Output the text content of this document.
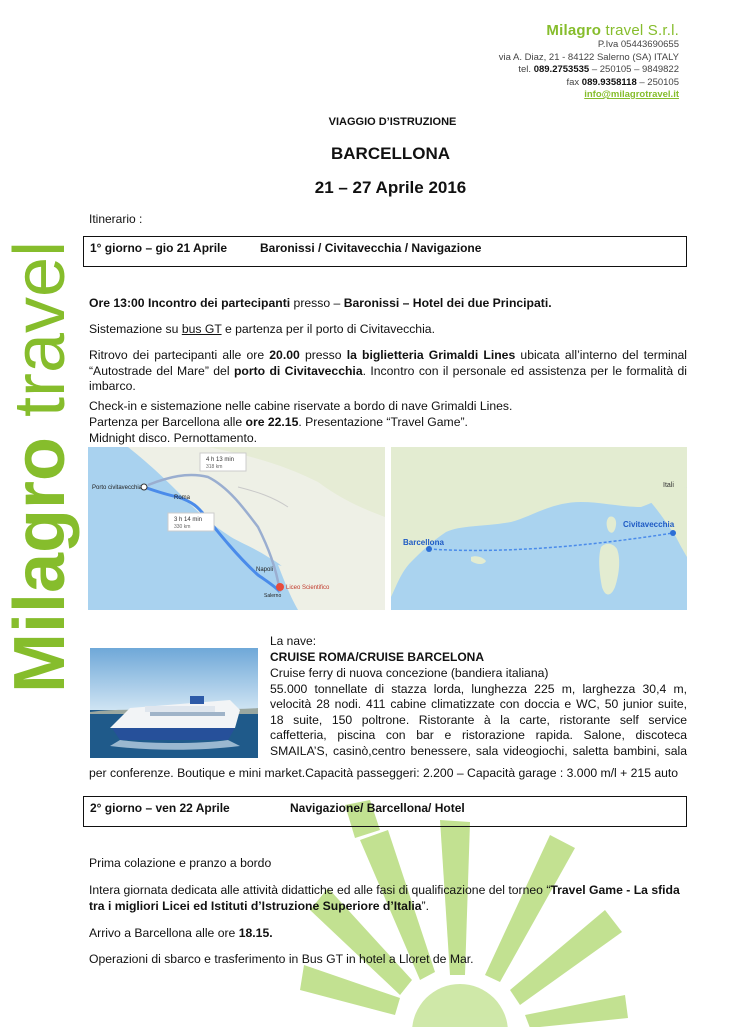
Milagro travel
Milagro travel S.r.l.
P.Iva 05443690655
via A. Diaz, 21 - 84122 Salerno (SA) ITALY
tel. 089.2753535 – 250105 – 9849822
fax 089.9358118 – 250105
info@milagrotravel.it
VIAGGIO D’ISTRUZIONE
BARCELLONA
21 – 27 Aprile 2016
Itinerario :
1° giorno – gio 21 Aprile	Baronissi / Civitavecchia / Navigazione
Ore 13:00 Incontro dei partecipanti presso – Baronissi – Hotel dei due Principati.
Sistemazione su bus GT e partenza per il porto di Civitavecchia.
Ritrovo dei partecipanti alle ore 20.00 presso la biglietteria Grimaldi Lines ubicata all’interno del terminal “Autostrade del Mare” del porto di Civitavecchia. Incontro con il personale ed assistenza per le formalità di imbarco.
Check-in e sistemazione nelle cabine riservate a bordo di nave Grimaldi Lines.
Partenza per Barcellona alle ore 22.15. Presentazione “Travel Game”.
Midnight disco. Pernottamento.
4 h 13 min
318 km
3 h 14 min
330 km
Porto civitavecchia
Roma
Napoli
Salerno
Liceo Scientifico
Barcellona
Civitavecchia
Itali
La nave:
CRUISE ROMA/CRUISE BARCELONA
Cruise ferry di nuova concezione (bandiera italiana)
55.000 tonnellate di stazza lorda, lunghezza 225 m, larghezza 30,4 m,
velocità 28 nodi. 411 cabine climatizzate con doccia e WC, 50 junior suite,
18 suite, 150 poltrone. Ristorante à la carte, ristorante self service
caffetteria, piscina con bar e ristorazione rapida. Salone, discoteca
SMAILA’S, casinò,centro benessere, sala videogiochi, saletta bambini, sala
per conferenze. Boutique e mini market.Capacità passeggeri: 2.200 – Capacità garage : 3.000 m/l + 215 auto
2° giorno – ven 22 Aprile	Navigazione/ Barcellona/ Hotel
Prima colazione e pranzo a bordo
Intera giornata dedicata alle attività didattiche ed alle fasi di qualificazione del torneo “Travel Game - La sfida tra i migliori Licei ed Istituti d’Istruzione Superiore d’Italia”.
Arrivo a Barcellona alle ore 18.15.
Operazioni di sbarco e trasferimento in Bus GT in hotel a Lloret de Mar.
